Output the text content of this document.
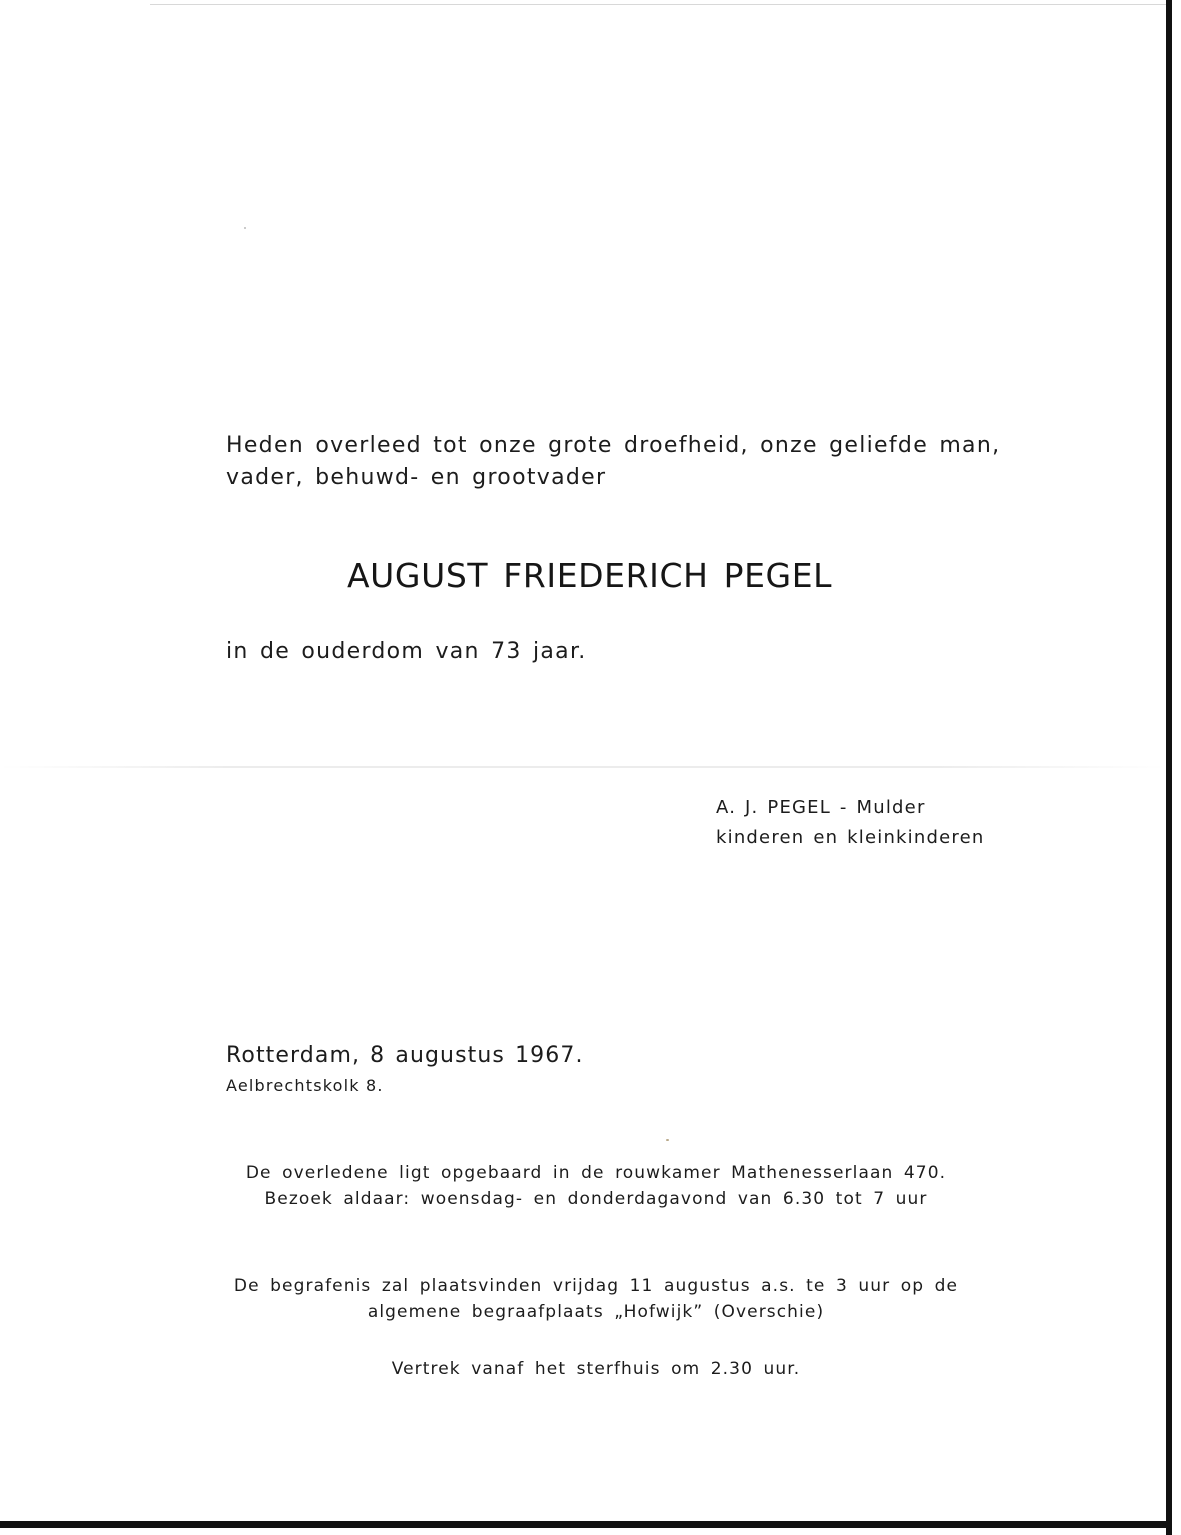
Heden overleed tot onze grote droefheid, onze geliefde man,
vader, behuwd- en grootvader
AUGUST FRIEDERICH PEGEL
in de ouderdom van 73 jaar.
A. J. PEGEL - Mulder
kinderen en kleinkinderen
Rotterdam, 8 augustus 1967.
Aelbrechtskolk 8.
De overledene ligt opgebaard in de rouwkamer Mathenesserlaan 470.
Bezoek aldaar: woensdag- en donderdagavond van 6.30 tot 7 uur
De begrafenis zal plaatsvinden vrijdag 11 augustus a.s. te 3 uur op de
algemene begraafplaats „Hofwijk” (Overschie)
Vertrek vanaf het sterfhuis om 2.30 uur.
